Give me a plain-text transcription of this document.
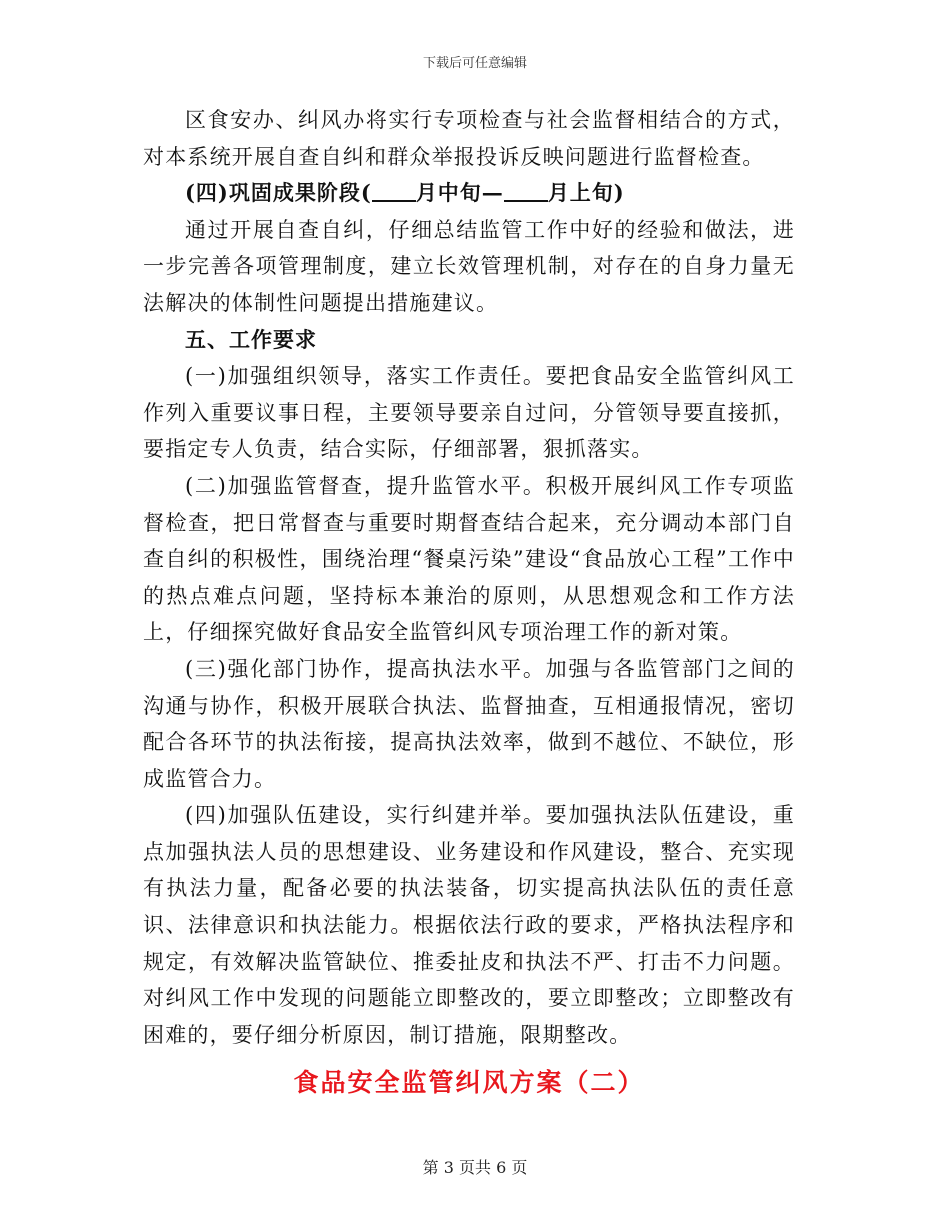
下载后可任意编辑

区食安办、纠风办将实行专项检查与社会监督相结合的方式，对本系统开展自查自纠和群众举报投诉反映问题进行监督检查。

(四)巩固成果阶段( 月中旬— 月上旬)

通过开展自查自纠，仔细总结监管工作中好的经验和做法，进一步完善各项管理制度，建立长效管理机制，对存在的自身力量无法解决的体制性问题提出措施建议。

五、工作要求

(一)加强组织领导，落实工作责任。要把食品安全监管纠风工作列入重要议事日程，主要领导要亲自过问，分管领导要直接抓，要指定专人负责，结合实际，仔细部署，狠抓落实。

(二)加强监管督查，提升监管水平。积极开展纠风工作专项监督检查，把日常督查与重要时期督查结合起来，充分调动本部门自查自纠的积极性，围绕治理“餐桌污染”建设“食品放心工程”工作中的热点难点问题，坚持标本兼治的原则，从思想观念和工作方法上，仔细探究做好食品安全监管纠风专项治理工作的新对策。

(三)强化部门协作，提高执法水平。加强与各监管部门之间的沟通与协作，积极开展联合执法、监督抽查，互相通报情况，密切配合各环节的执法衔接，提高执法效率，做到不越位、不缺位，形成监管合力。

(四)加强队伍建设，实行纠建并举。要加强执法队伍建设，重点加强执法人员的思想建设、业务建设和作风建设，整合、充实现有执法力量，配备必要的执法装备，切实提高执法队伍的责任意识、法律意识和执法能力。根据依法行政的要求，严格执法程序和规定，有效解决监管缺位、推委扯皮和执法不严、打击不力问题。对纠风工作中发现的问题能立即整改的，要立即整改；立即整改有困难的，要仔细分析原因，制订措施，限期整改。

食品安全监管纠风方案（二）
第 3 页共 6 页
